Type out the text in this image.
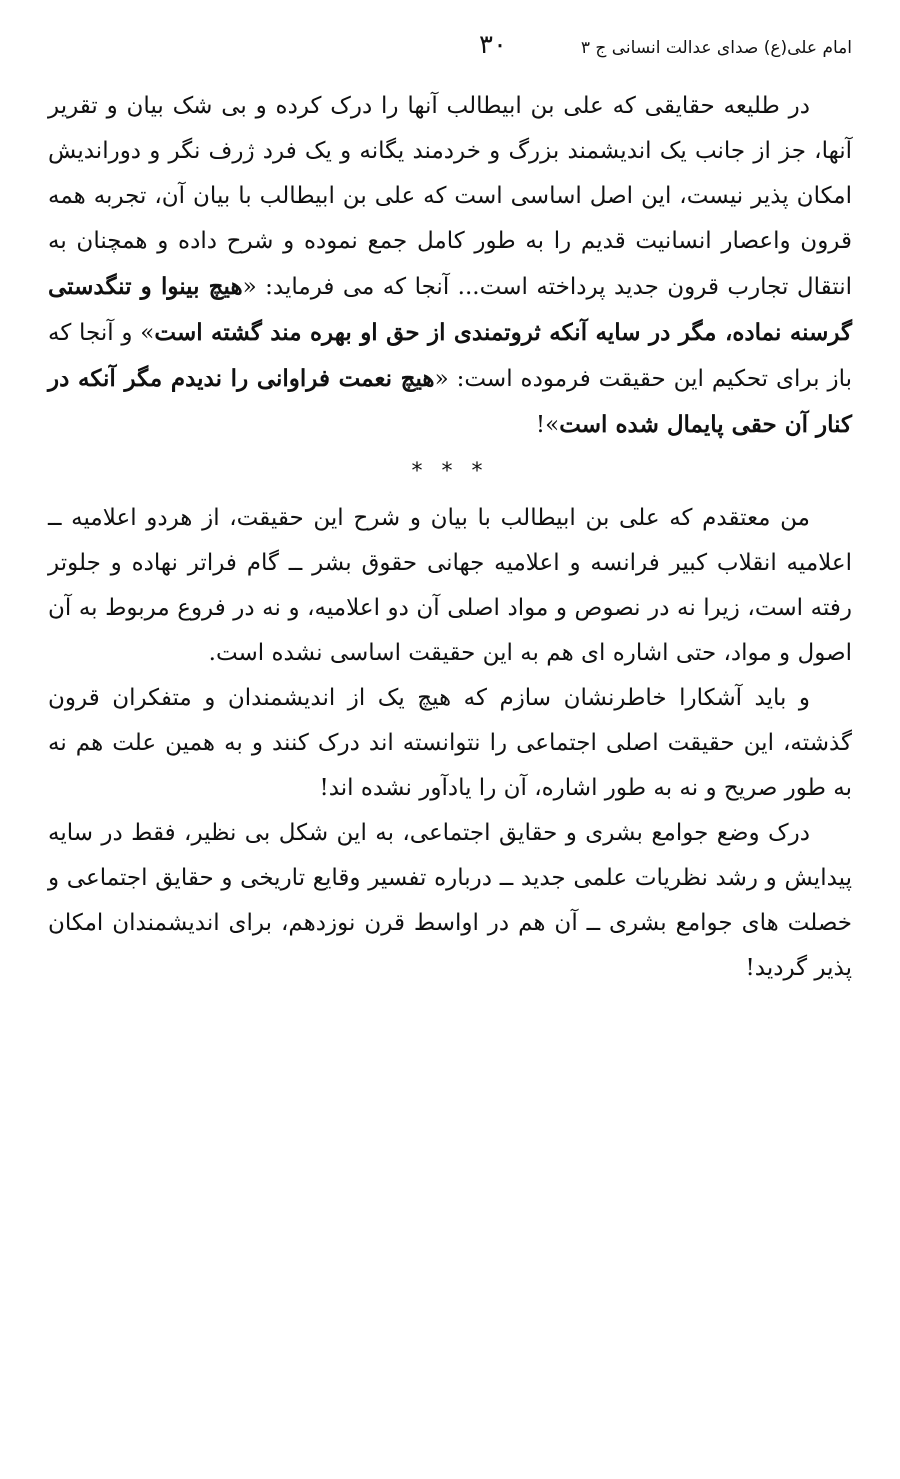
امام علی(ع) صدای عدالت انسانی ج ۳
۳۰

در طلیعه حقایقی که علی بن ابیطالب آنها را درک کرده و بی شک بیان و تقریر آنها، جز از جانب یک اندیشمند بزرگ و خردمند یگانه و یک فرد ژرف نگر و دوراندیش امکان پذیر نیست، این اصل اساسی است که علی بن ابیطالب با بیان آن، تجربه همه قرون واعصار انسانیت قدیم را به طور کامل جمع نموده و شرح داده و همچنان به انتقال تجارب قرون جدید پرداخته است... آنجا که می فرماید: «هیچ بینوا و تنگدستی گرسنه نماده، مگر در سایه آنکه ثروتمندی از حق او بهره مند گشته است» و آنجا که باز برای تحکیم این حقیقت فرموده است: «هیچ نعمت فراوانی را ندیدم مگر آنکه در کنار آن حقی پایمال شده است»!

* * *

من معتقدم که علی بن ابیطالب با بیان و شرح این حقیقت، از هردو اعلامیه ــ اعلامیه انقلاب کبیر فرانسه و اعلامیه جهانی حقوق بشر ــ گام فراتر نهاده و جلوتر رفته است، زیرا نه در نصوص و مواد اصلی آن دو اعلامیه، و نه در فروع مربوط به آن اصول و مواد، حتی اشاره ای هم به این حقیقت اساسی نشده است.

و باید آشکارا خاطرنشان سازم که هیچ یک از اندیشمندان و متفکران قرون گذشته، این حقیقت اصلی اجتماعی را نتوانسته اند درک کنند و به همین علت هم نه به طور صریح و نه به طور اشاره، آن را یادآور نشده اند!

درک وضع جوامع بشری و حقایق اجتماعی، به این شکل بی نظیر، فقط در سایه پیدایش و رشد نظریات علمی جدید ــ درباره تفسیر وقایع تاریخی و حقایق اجتماعی و خصلت های جوامع بشری ــ آن هم در اواسط قرن نوزدهم، برای اندیشمندان امکان پذیر گردید!
